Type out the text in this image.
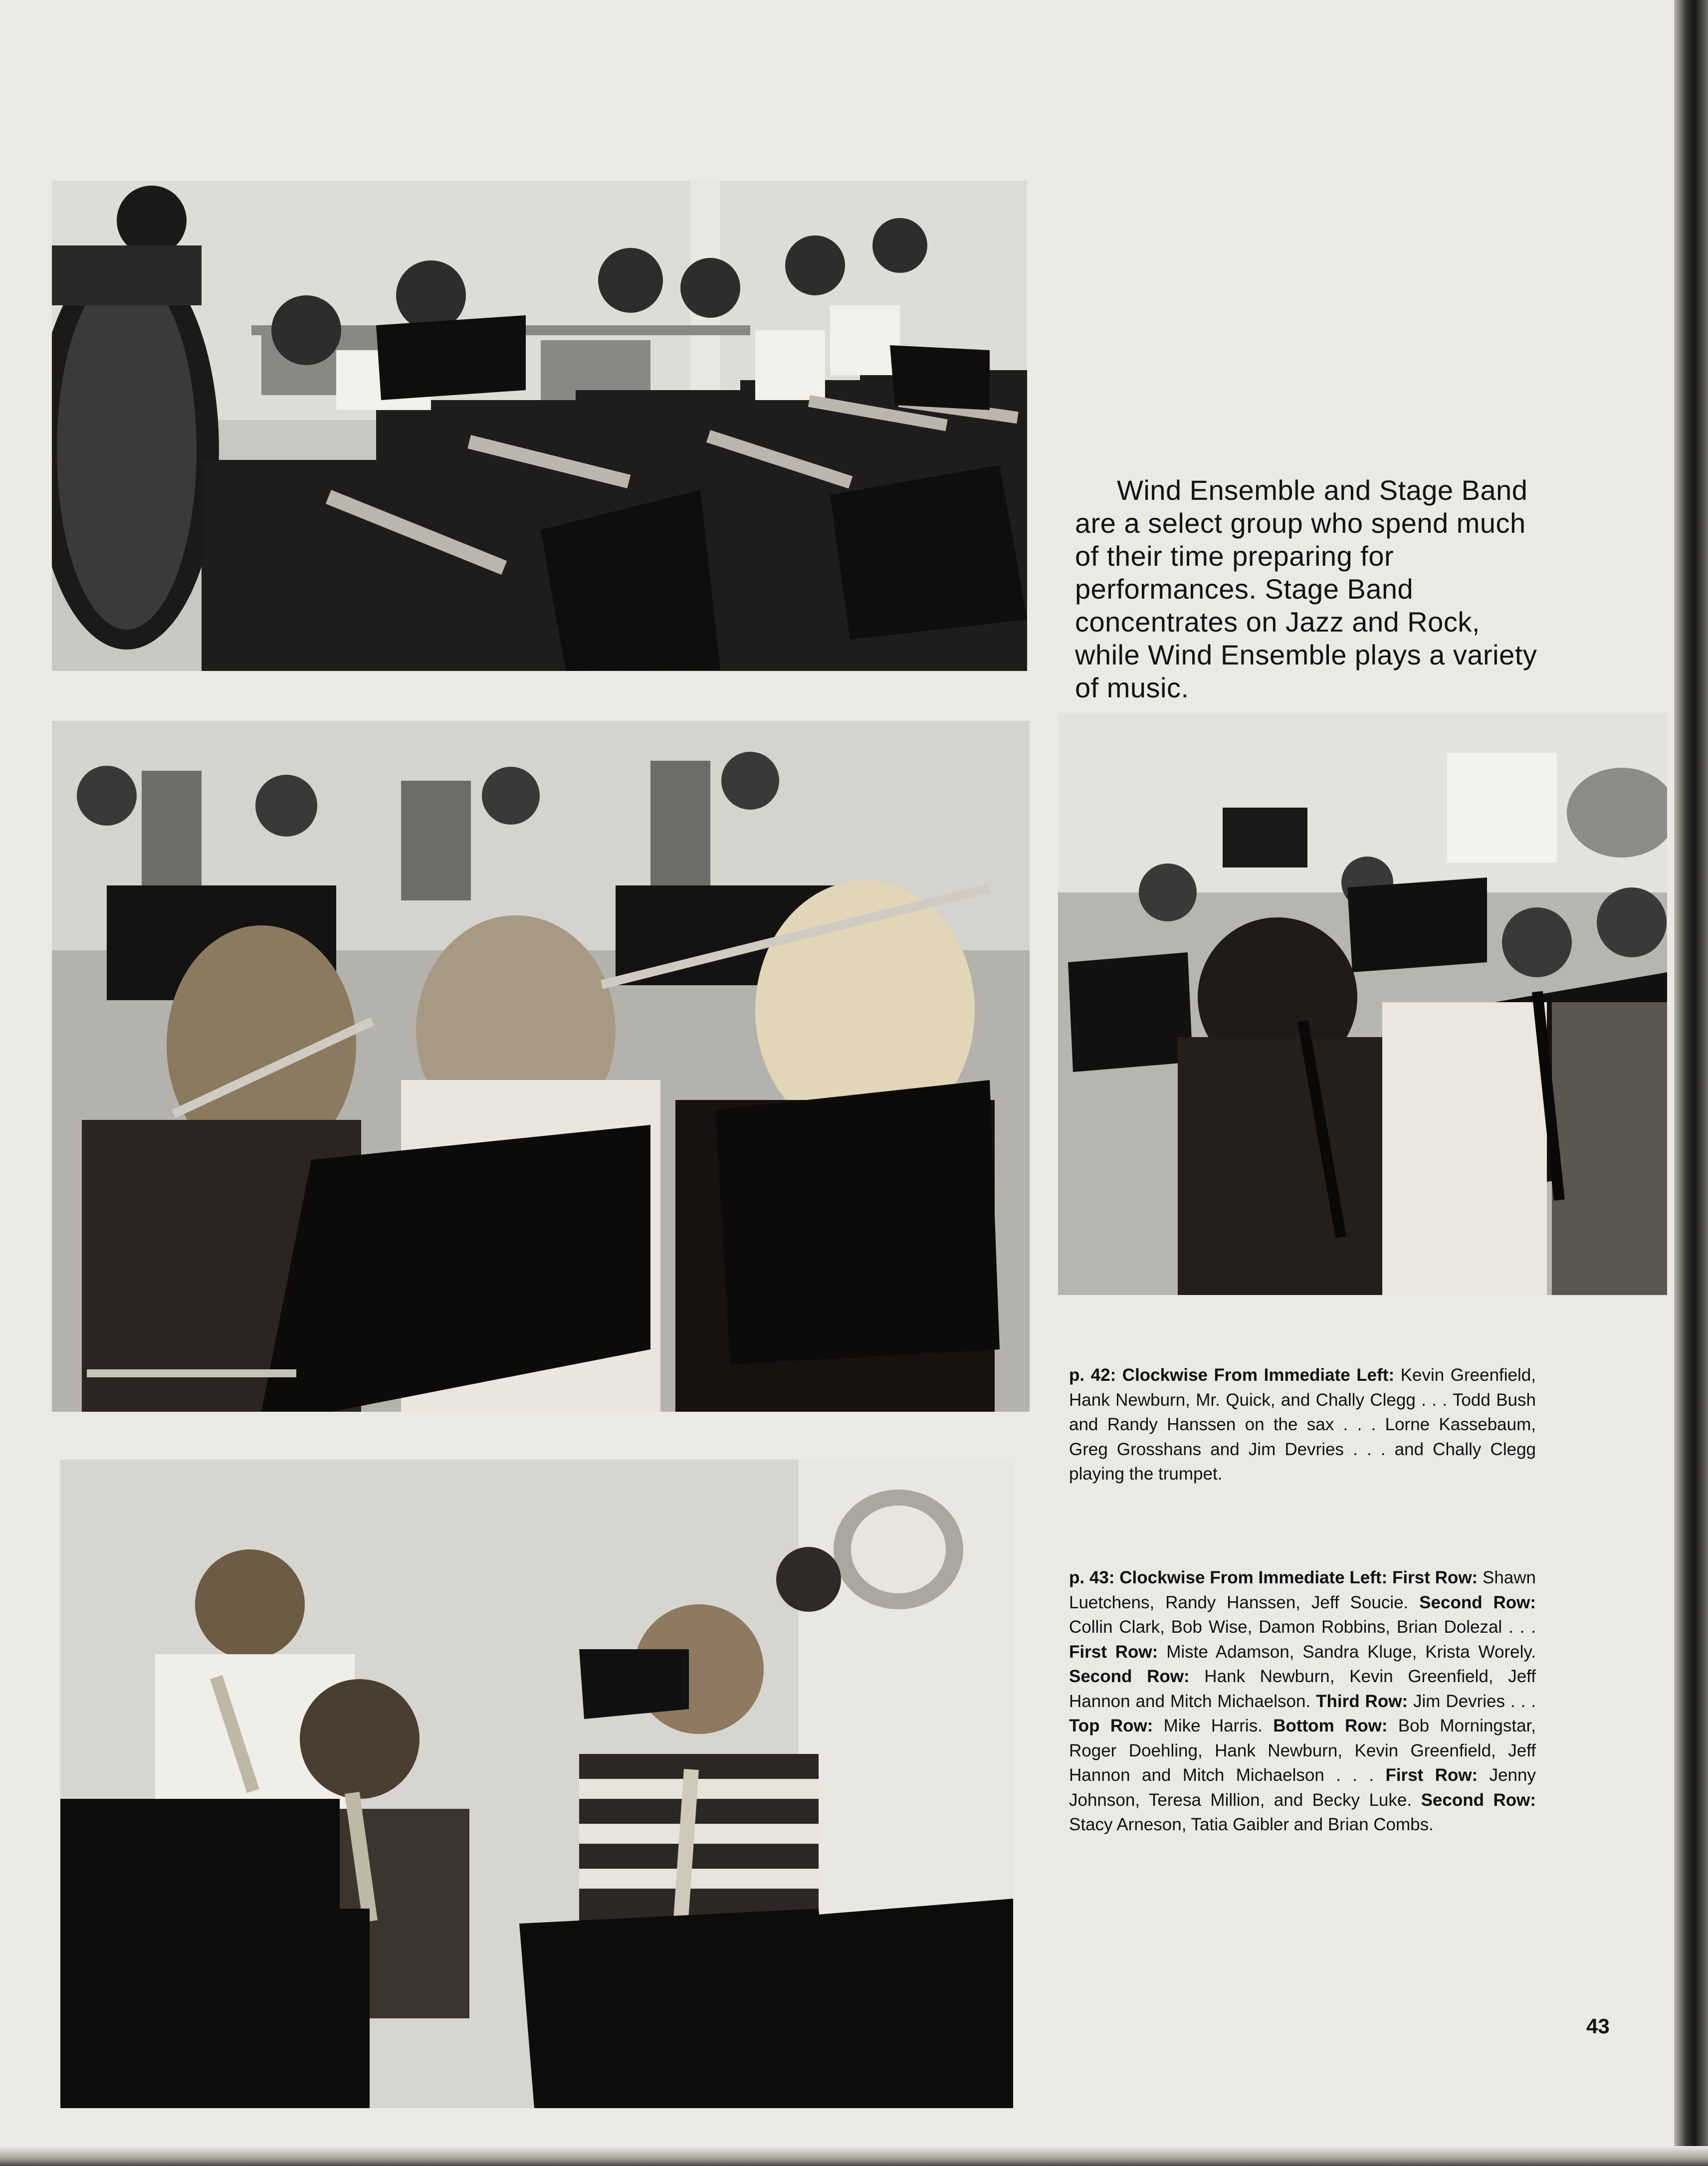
Wind Ensemble and Stage Band are a select group who spend much of their time preparing for performances. Stage Band concentrates on Jazz and Rock, while Wind Ensemble plays a variety of music.

p. 42: Clockwise From Immediate Left: Kevin Greenfield, Hank Newburn, Mr. Quick, and Chally Clegg . . . Todd Bush and Randy Hanssen on the sax . . . Lorne Kassebaum, Greg Grosshans and Jim Devries . . . and Chally Clegg playing the trumpet.

p. 43: Clockwise From Immediate Left: First Row: Shawn Luetchens, Randy Hanssen, Jeff Soucie. Second Row: Collin Clark, Bob Wise, Damon Robbins, Brian Dolezal . . . First Row: Miste Adamson, Sandra Kluge, Krista Worely. Second Row: Hank Newburn, Kevin Greenfield, Jeff Hannon and Mitch Michaelson. Third Row: Jim Devries . . . Top Row: Mike Harris. Bottom Row: Bob Morningstar, Roger Doehling, Hank Newburn, Kevin Greenfield, Jeff Hannon and Mitch Michaelson . . . First Row: Jenny Johnson, Teresa Million, and Becky Luke. Second Row: Stacy Arneson, Tatia Gaibler and Brian Combs.

43
